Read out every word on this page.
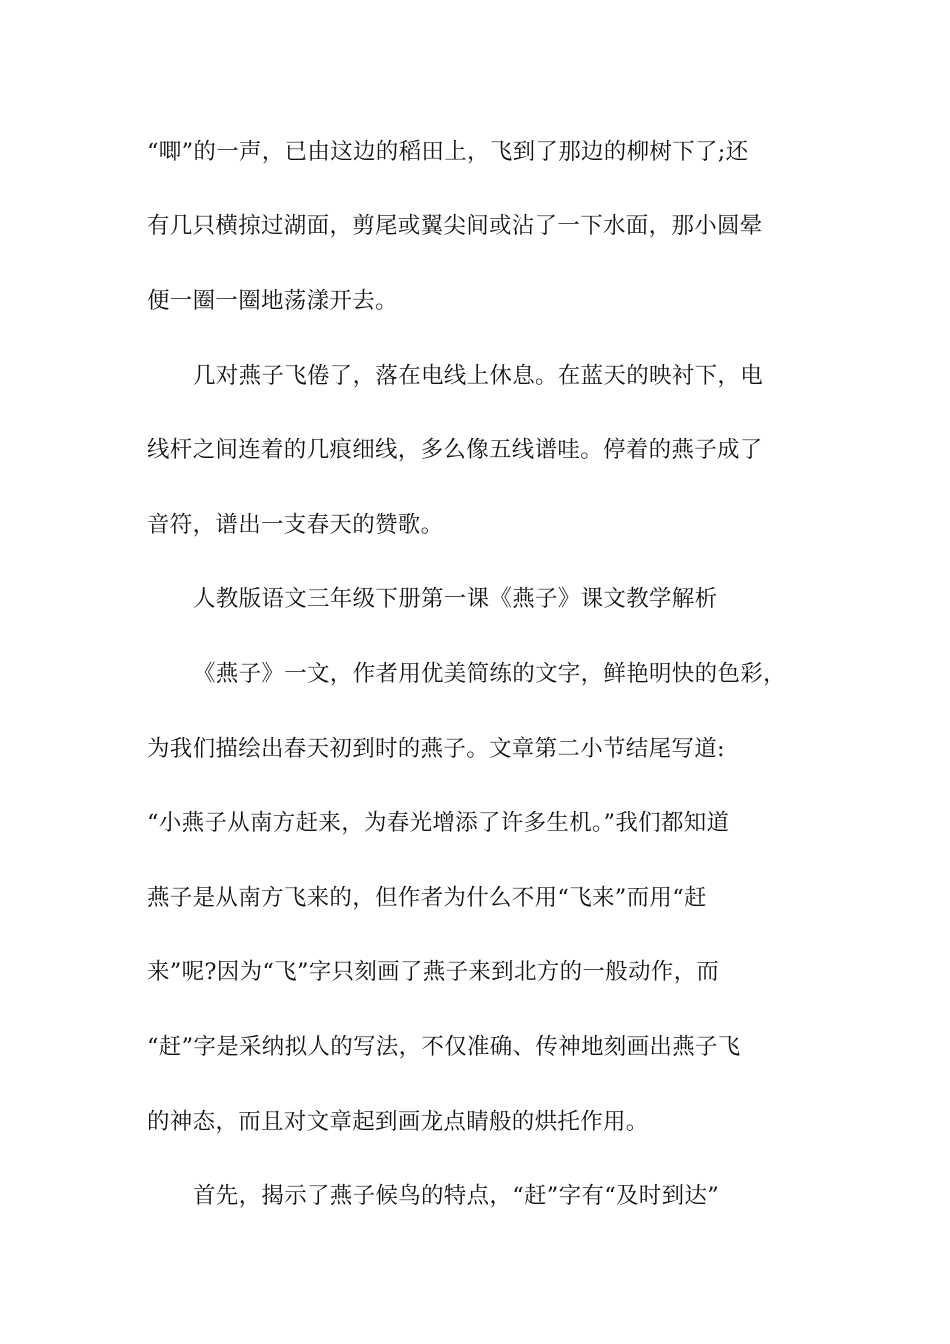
“唧”的一声，已由这边的稻田上，飞到了那边的柳树下了;还
有几只横掠过湖面，剪尾或翼尖间或沾了一下水面，那小圆晕
便一圈一圈地荡漾开去。
几对燕子飞倦了，落在电线上休息。在蓝天的映衬下，电
线杆之间连着的几痕细线，多么像五线谱哇。停着的燕子成了
音符，谱出一支春天的赞歌。
人教版语文三年级下册第一课《燕子》课文教学解析
《燕子》一文，作者用优美简练的文字，鲜艳明快的色彩，
为我们描绘出春天初到时的燕子。文章第二小节结尾写道:
“小燕子从南方赶来，为春光增添了许多生机。”我们都知道
燕子是从南方飞来的，但作者为什么不用“飞来”而用“赶
来”呢?因为“飞”字只刻画了燕子来到北方的一般动作，而
“赶”字是采纳拟人的写法，不仅准确、传神地刻画出燕子飞
的神态，而且对文章起到画龙点睛般的烘托作用。
首先，揭示了燕子候鸟的特点，“赶”字有“及时到达”
